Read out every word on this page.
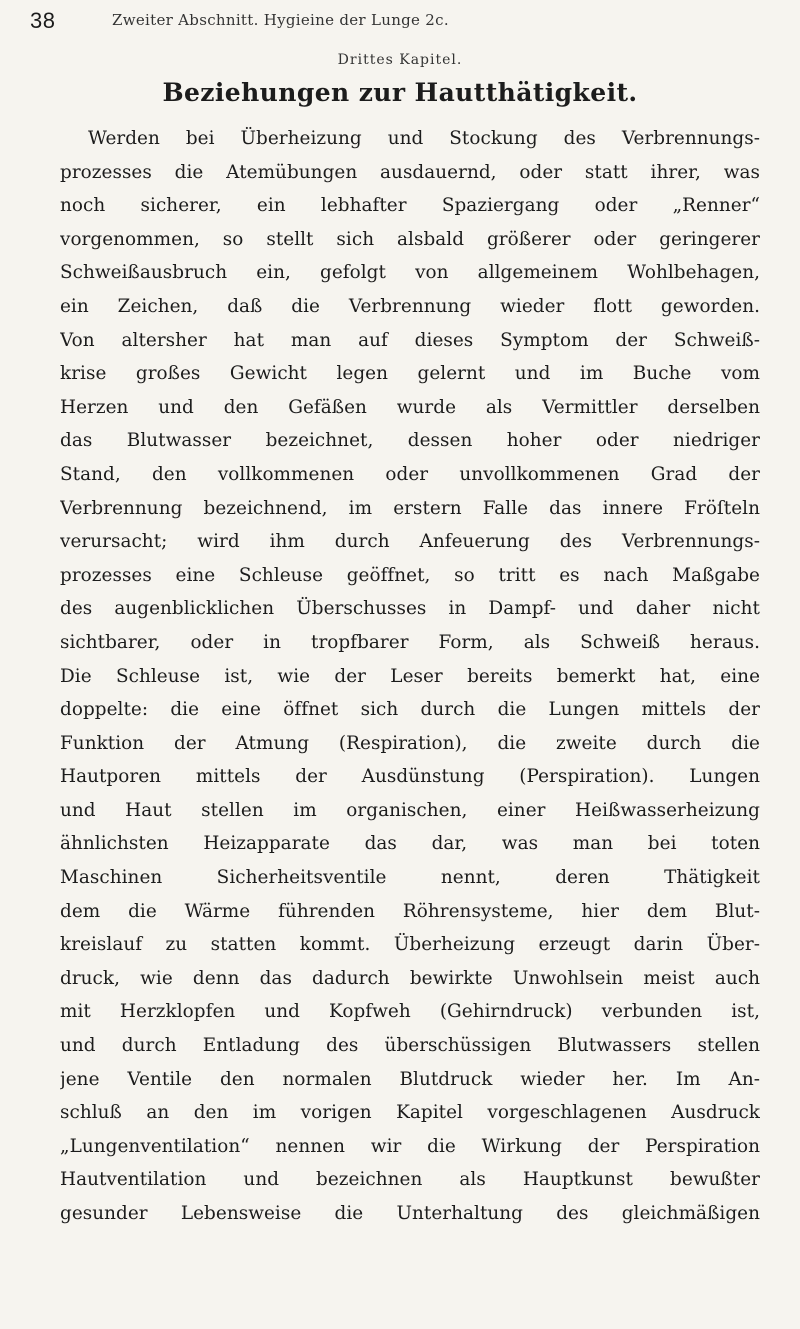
38	Zweiter Abschnitt. Hygieine der Lunge 2c.
Drittes Kapitel.
Beziehungen zur Hautthätigkeit.
Werden bei Überheizung und Stockung des Verbrennungs-
prozesses die Atemübungen ausdauernd, oder statt ihrer, was
noch sicherer, ein lebhafter Spaziergang oder „Renner“
vorgenommen, so stellt sich alsbald größerer oder geringerer
Schweißausbruch ein, gefolgt von allgemeinem Wohlbehagen,
ein Zeichen, daß die Verbrennung wieder flott geworden.
Von altersher hat man auf dieses Symptom der Schweiß-
krise großes Gewicht legen gelernt und im Buche vom
Herzen und den Gefäßen wurde als Vermittler derselben
das Blutwasser bezeichnet, dessen hoher oder niedriger
Stand, den vollkommenen oder unvollkommenen Grad der
Verbrennung bezeichnend, im erstern Falle das innere Fröſteln
verursacht; wird ihm durch Anfeuerung des Verbrennungs-
prozesses eine Schleuse geöffnet, so tritt es nach Maßgabe
des augenblicklichen Überschusses in Dampf- und daher nicht
sichtbarer, oder in tropfbarer Form, als Schweiß heraus.
Die Schleuse ist, wie der Leser bereits bemerkt hat, eine
doppelte: die eine öffnet sich durch die Lungen mittels der
Funktion der Atmung (Respiration), die zweite durch die
Hautporen mittels der Ausdünstung (Perspiration). Lungen
und Haut stellen im organischen, einer Heißwasserheizung
ähnlichsten Heizapparate das dar, was man bei toten
Maschinen Sicherheitsventile nennt, deren Thätigkeit
dem die Wärme führenden Röhrensysteme, hier dem Blut-
kreislauf zu statten kommt. Überheizung erzeugt darin Über-
druck, wie denn das dadurch bewirkte Unwohlsein meist auch
mit Herzklopfen und Kopfweh (Gehirndruck) verbunden ist,
und durch Entladung des überschüssigen Blutwassers stellen
jene Ventile den normalen Blutdruck wieder her. Im An-
schluß an den im vorigen Kapitel vorgeschlagenen Ausdruck
„Lungenventilation“ nennen wir die Wirkung der Perspiration
Hautventilation und bezeichnen als Hauptkunst bewußter
gesunder Lebensweise die Unterhaltung des gleichmäßigen
